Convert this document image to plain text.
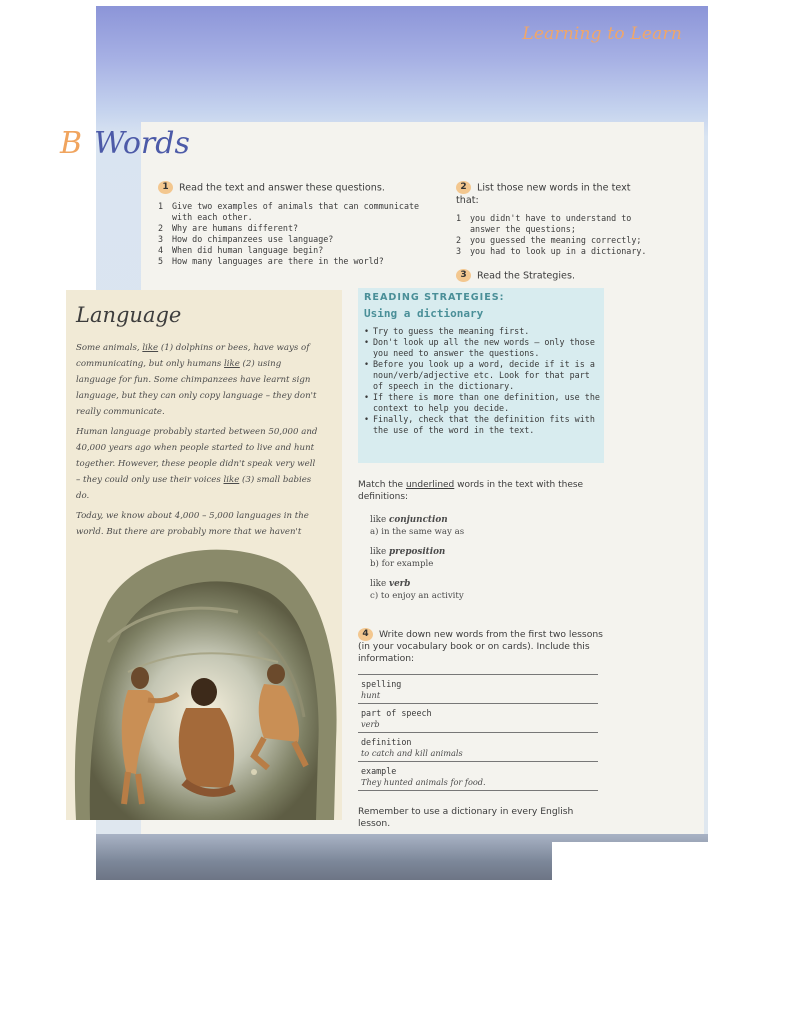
Learning to Learn
B Words
1 Read the text and answer these questions.
1 Give two examples of animals that can communicate with each other.
2 Why are humans different?
3 How do chimpanzees use language?
4 When did human language begin?
5 How many languages are there in the world?
2 List those new words in the text that:
1 you didn't have to understand to answer the questions;
2 you guessed the meaning correctly;
3 you had to look up in a dictionary.
3 Read the Strategies.
Language

Some animals, like (1) dolphins or bees, have ways of communicating, but only humans like (2) using language for fun. Some chimpanzees have learnt sign language, but they can only copy language – they don't really communicate.

Human language probably started between 50,000 and 40,000 years ago when people started to live and hunt together. However, these people didn't speak very well – they could only use their voices like (3) small babies do.

Today, we know about 4,000 – 5,000 languages in the world. But there are probably more that we haven't

READING STRATEGIES:
Using a dictionary
• Try to guess the meaning first.
• Don't look up all the new words – only those you need to answer the questions.
• Before you look up a word, decide if it is a noun/verb/adjective etc. Look for that part of speech in the dictionary.
• If there is more than one definition, use the context to help you decide.
• Finally, check that the definition fits with the use of the word in the text.
Match the underlined words in the text with these definitions:
like conjunction
a) in the same way as
like preposition
b) for example
like verb
c) to enjoy an activity
4 Write down new words from the first two lessons (in your vocabulary book or on cards). Include this information:
spelling
hunt
part of speech
verb
definition
to catch and kill animals
example
They hunted animals for food.
Remember to use a dictionary in every English lesson.
